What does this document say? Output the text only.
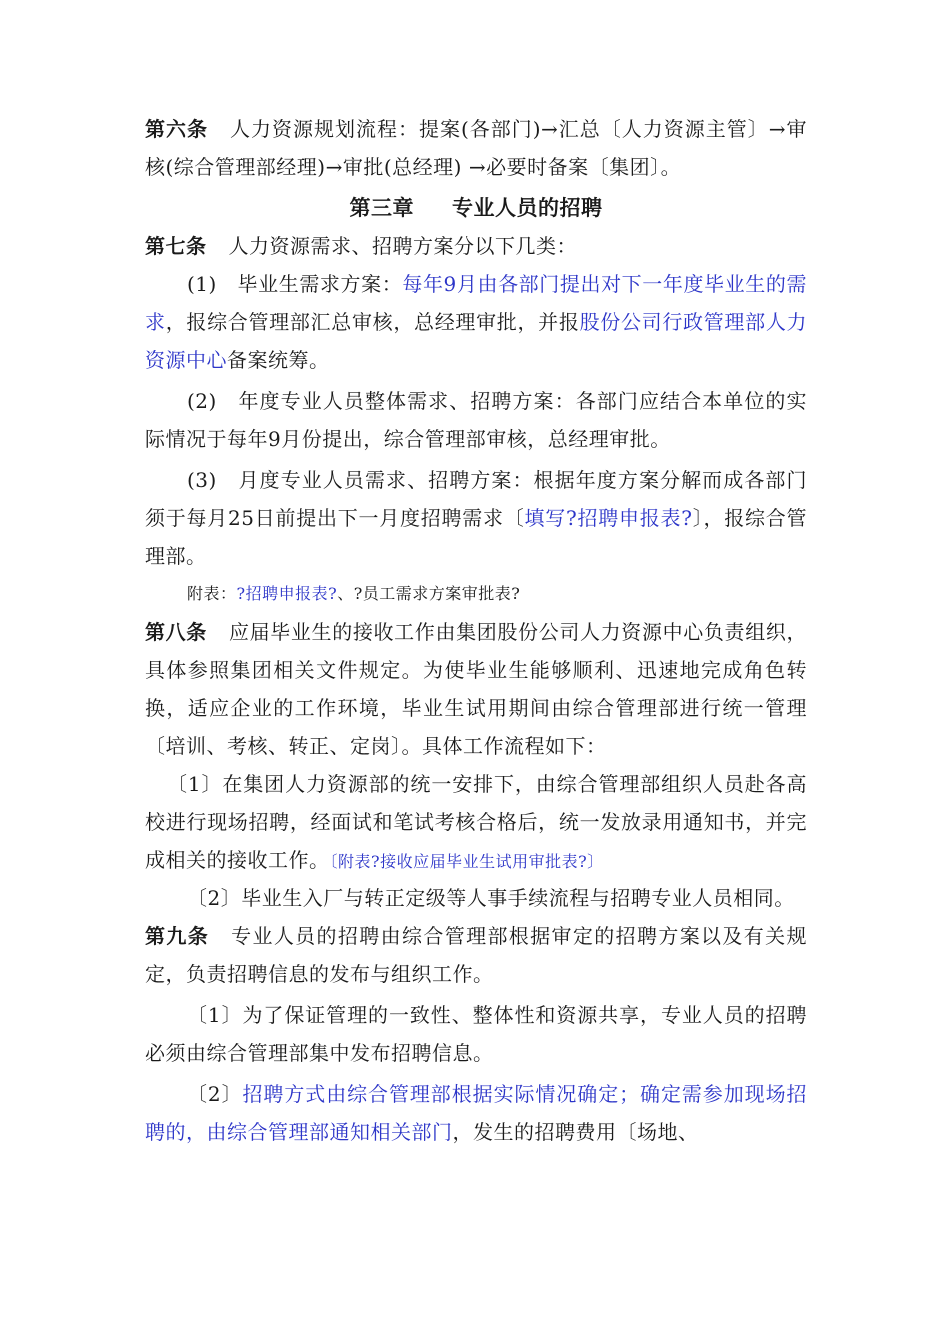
第六条 人力资源规划流程：提案(各部门)→汇总〔人力资源主管〕→审核(综合管理部经理)→审批(总经理) →必要时备案〔集团〕。

第三章 专业人员的招聘

第七条 人力资源需求、招聘方案分以下几类：

(1)　毕业生需求方案：每年9月由各部门提出对下一年度毕业生的需求，报综合管理部汇总审核，总经理审批，并报股份公司行政管理部人力资源中心备案统筹。

(2)　年度专业人员整体需求、招聘方案：各部门应结合本单位的实际情况于每年9月份提出，综合管理部审核，总经理审批。

(3)　月度专业人员需求、招聘方案：根据年度方案分解而成各部门须于每月25日前提出下一月度招聘需求〔填写?招聘申报表?〕，报综合管理部。

附表：?招聘申报表?、?员工需求方案审批表?

第八条 应届毕业生的接收工作由集团股份公司人力资源中心负责组织，具体参照集团相关文件规定。为使毕业生能够顺利、迅速地完成角色转换，适应企业的工作环境，毕业生试用期间由综合管理部进行统一管理〔培训、考核、转正、定岗〕。具体工作流程如下：

〔1〕在集团人力资源部的统一安排下，由综合管理部组织人员赴各高校进行现场招聘，经面试和笔试考核合格后，统一发放录用通知书，并完成相关的接收工作。〔附表?接收应届毕业生试用审批表?〕

〔2〕毕业生入厂与转正定级等人事手续流程与招聘专业人员相同。

第九条 专业人员的招聘由综合管理部根据审定的招聘方案以及有关规定，负责招聘信息的发布与组织工作。

〔1〕为了保证管理的一致性、整体性和资源共享，专业人员的招聘必须由综合管理部集中发布招聘信息。

〔2〕招聘方式由综合管理部根据实际情况确定；确定需参加现场招聘的，由综合管理部通知相关部门，发生的招聘费用〔场地、
